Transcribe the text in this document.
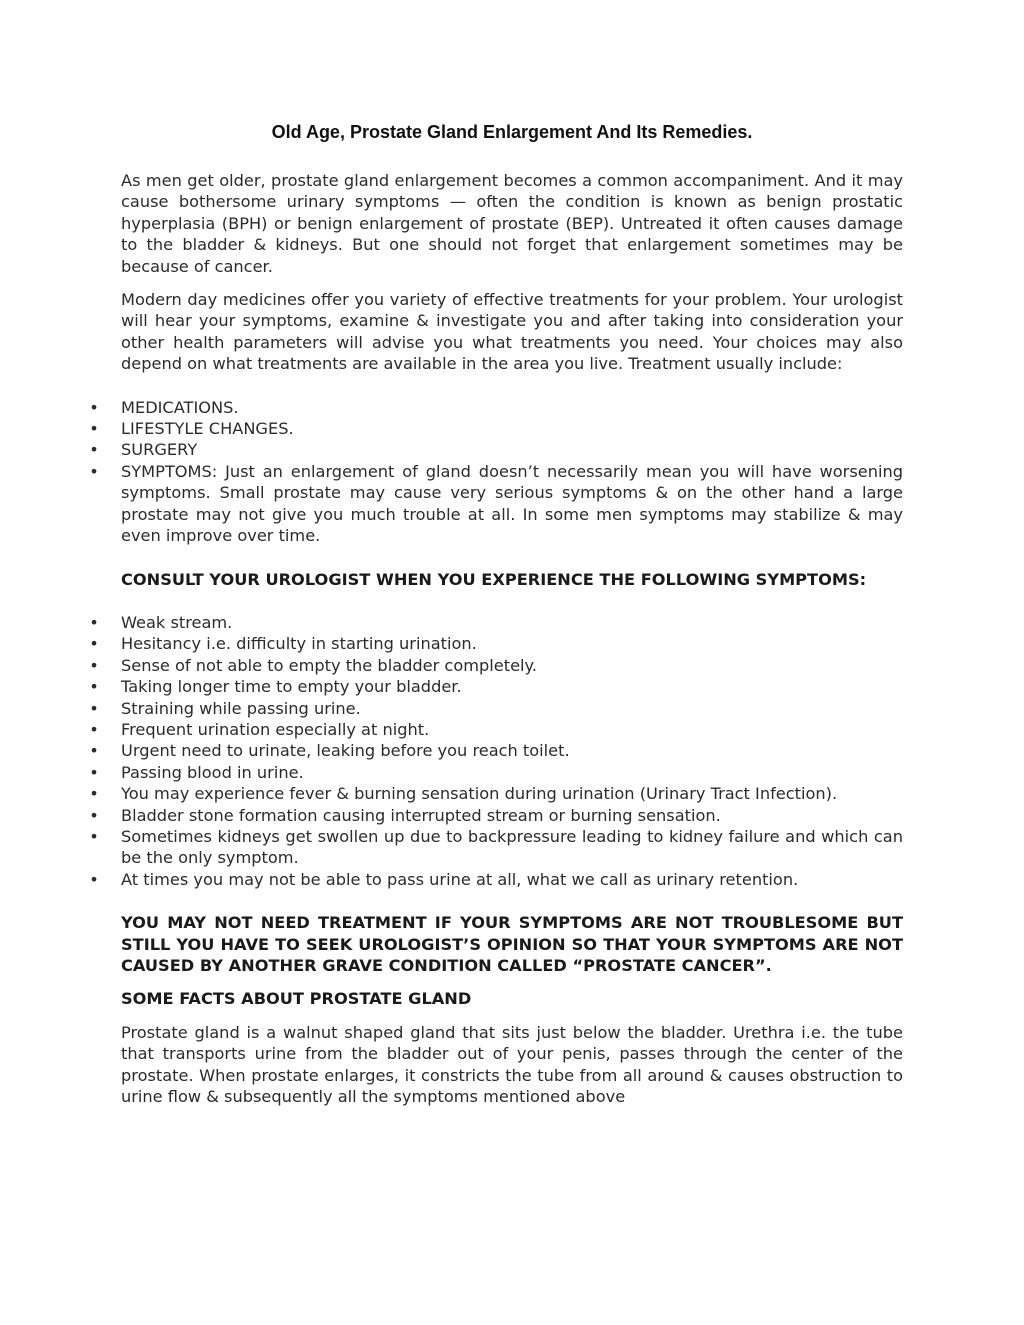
Old Age, Prostate Gland Enlargement And Its Remedies.

As men get older, prostate gland enlargement becomes a common accompaniment. And it may cause bothersome urinary symptoms — often the condition is known as benign prostatic hyperplasia (BPH) or benign enlargement of prostate (BEP). Untreated it often causes damage to the bladder & kidneys. But one should not forget that enlargement sometimes may be because of cancer.

Modern day medicines offer you variety of effective treatments for your problem. Your urologist will hear your symptoms, examine & investigate you and after taking into consideration your other health parameters will advise you what treatments you need. Your choices may also depend on what treatments are available in the area you live. Treatment usually include:

• MEDICATIONS.
• LIFESTYLE CHANGES.
• SURGERY
• SYMPTOMS: Just an enlargement of gland doesn’t necessarily mean you will have worsening symptoms. Small prostate may cause very serious symptoms & on the other hand a large prostate may not give you much trouble at all. In some men symptoms may stabilize & may even improve over time.

CONSULT YOUR UROLOGIST WHEN YOU EXPERIENCE THE FOLLOWING SYMPTOMS:

• Weak stream.
• Hesitancy i.e. difficulty in starting urination.
• Sense of not able to empty the bladder completely.
• Taking longer time to empty your bladder.
• Straining while passing urine.
• Frequent urination especially at night.
• Urgent need to urinate, leaking before you reach toilet.
• Passing blood in urine.
• You may experience fever & burning sensation during urination (Urinary Tract Infection).
• Bladder stone formation causing interrupted stream or burning sensation.
• Sometimes kidneys get swollen up due to backpressure leading to kidney failure and which can be the only symptom.
• At times you may not be able to pass urine at all, what we call as urinary retention.

YOU MAY NOT NEED TREATMENT IF YOUR SYMPTOMS ARE NOT TROUBLESOME BUT STILL YOU HAVE TO SEEK UROLOGIST’S OPINION SO THAT YOUR SYMPTOMS ARE NOT CAUSED BY ANOTHER GRAVE CONDITION CALLED “PROSTATE CANCER”.

SOME FACTS ABOUT PROSTATE GLAND

Prostate gland is a walnut shaped gland that sits just below the bladder. Urethra i.e. the tube that transports urine from the bladder out of your penis, passes through the center of the prostate. When prostate enlarges, it constricts the tube from all around & causes obstruction to urine flow & subsequently all the symptoms mentioned above
